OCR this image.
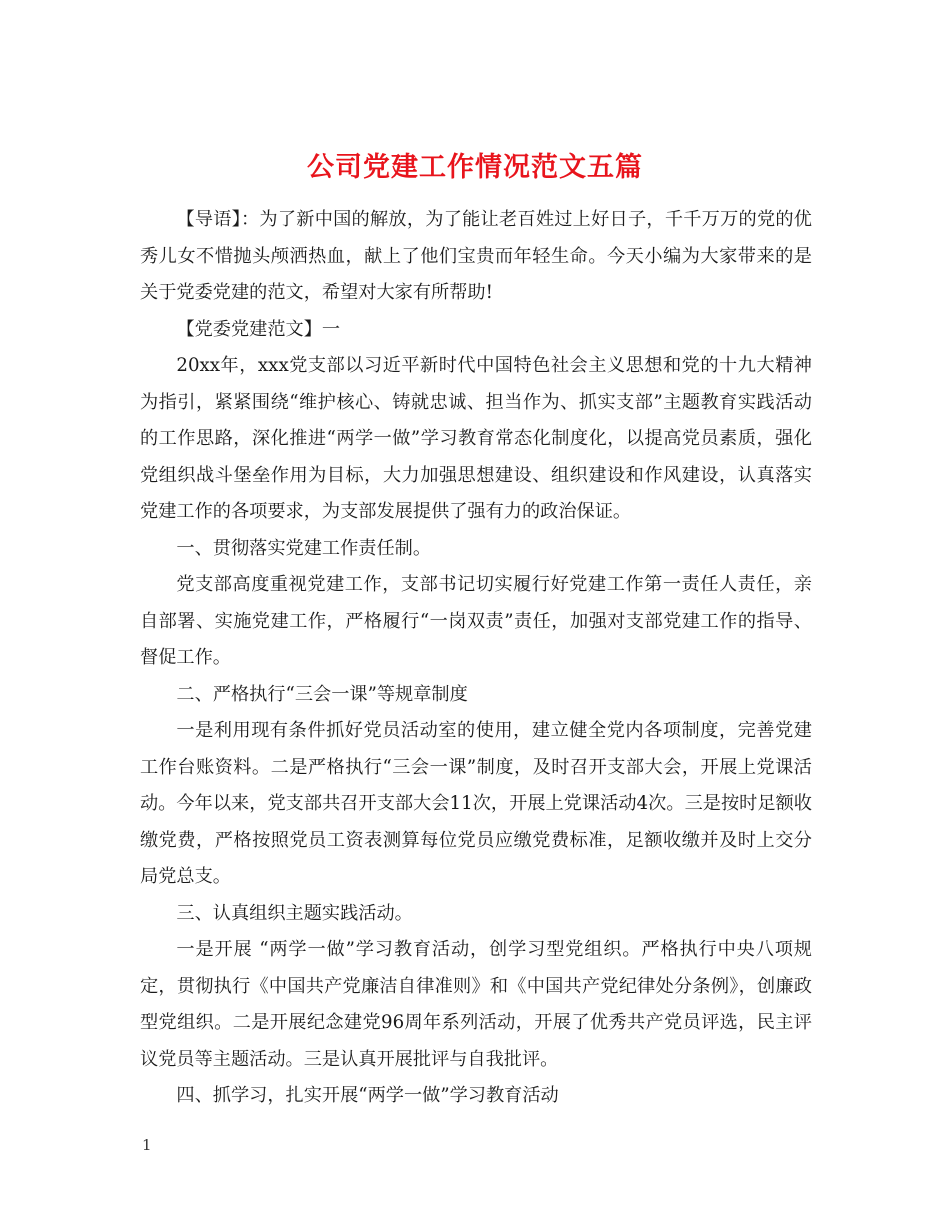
公司党建工作情况范文五篇

【导语】：为了新中国的解放，为了能让老百姓过上好日子，千千万万的党的优秀儿女不惜抛头颅洒热血，献上了他们宝贵而年轻生命。今天小编为大家带来的是关于党委党建的范文，希望对大家有所帮助!

【党委党建范文】一

20xx年，xxx党支部以习近平新时代中国特色社会主义思想和党的十九大精神为指引，紧紧围绕“维护核心、铸就忠诚、担当作为、抓实支部”主题教育实践活动的工作思路，深化推进“两学一做”学习教育常态化制度化，以提高党员素质，强化党组织战斗堡垒作用为目标，大力加强思想建设、组织建设和作风建设，认真落实党建工作的各项要求，为支部发展提供了强有力的政治保证。

一、贯彻落实党建工作责任制。

党支部高度重视党建工作，支部书记切实履行好党建工作第一责任人责任，亲自部署、实施党建工作，严格履行“一岗双责”责任，加强对支部党建工作的指导、督促工作。

二、严格执行“三会一课”等规章制度

一是利用现有条件抓好党员活动室的使用，建立健全党内各项制度，完善党建工作台账资料。二是严格执行“三会一课”制度，及时召开支部大会，开展上党课活动。今年以来，党支部共召开支部大会11次，开展上党课活动4次。三是按时足额收缴党费，严格按照党员工资表测算每位党员应缴党费标准，足额收缴并及时上交分局党总支。

三、认真组织主题实践活动。

一是开展 “两学一做”学习教育活动，创学习型党组织。严格执行中央八项规定，贯彻执行《中国共产党廉洁自律准则》和《中国共产党纪律处分条例》，创廉政型党组织。二是开展纪念建党96周年系列活动，开展了优秀共产党员评选，民主评议党员等主题活动。三是认真开展批评与自我批评。

四、抓学习，扎实开展“两学一做”学习教育活动

1
